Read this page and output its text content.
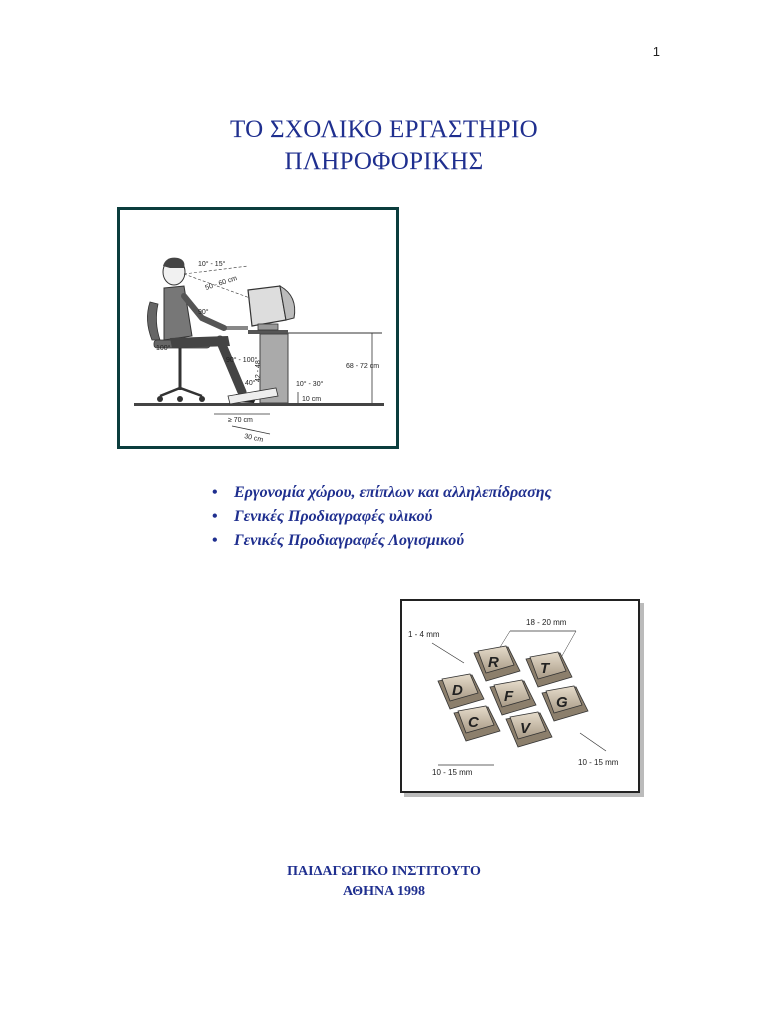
1
ΤΟ ΣΧΟΛΙΚΟ ΕΡΓΑΣΤΗΡΙΟ
ΠΛΗΡΟΦΟΡΙΚΗΣ
68 - 72 cm
10 cm
10° - 15°
50 - 60 cm
90°
100°
90° - 100°
40°
42 - 48
10° - 30°
≥ 70 cm
30 cm
• Εργονομία χώρου, επίπλων και αλληλεπίδρασης
• Γενικές Προδιαγραφές υλικού
• Γενικές Προδιαγραφές Λογισμικού
1 - 4 mm
18 - 20 mm
10 - 15 mm
10 - 15 mm
R	T
D	F	G
C	V
ΠΑΙΔΑΓΩΓΙΚΟ ΙΝΣΤΙΤΟΥΤΟ
ΑΘΗΝΑ 1998
